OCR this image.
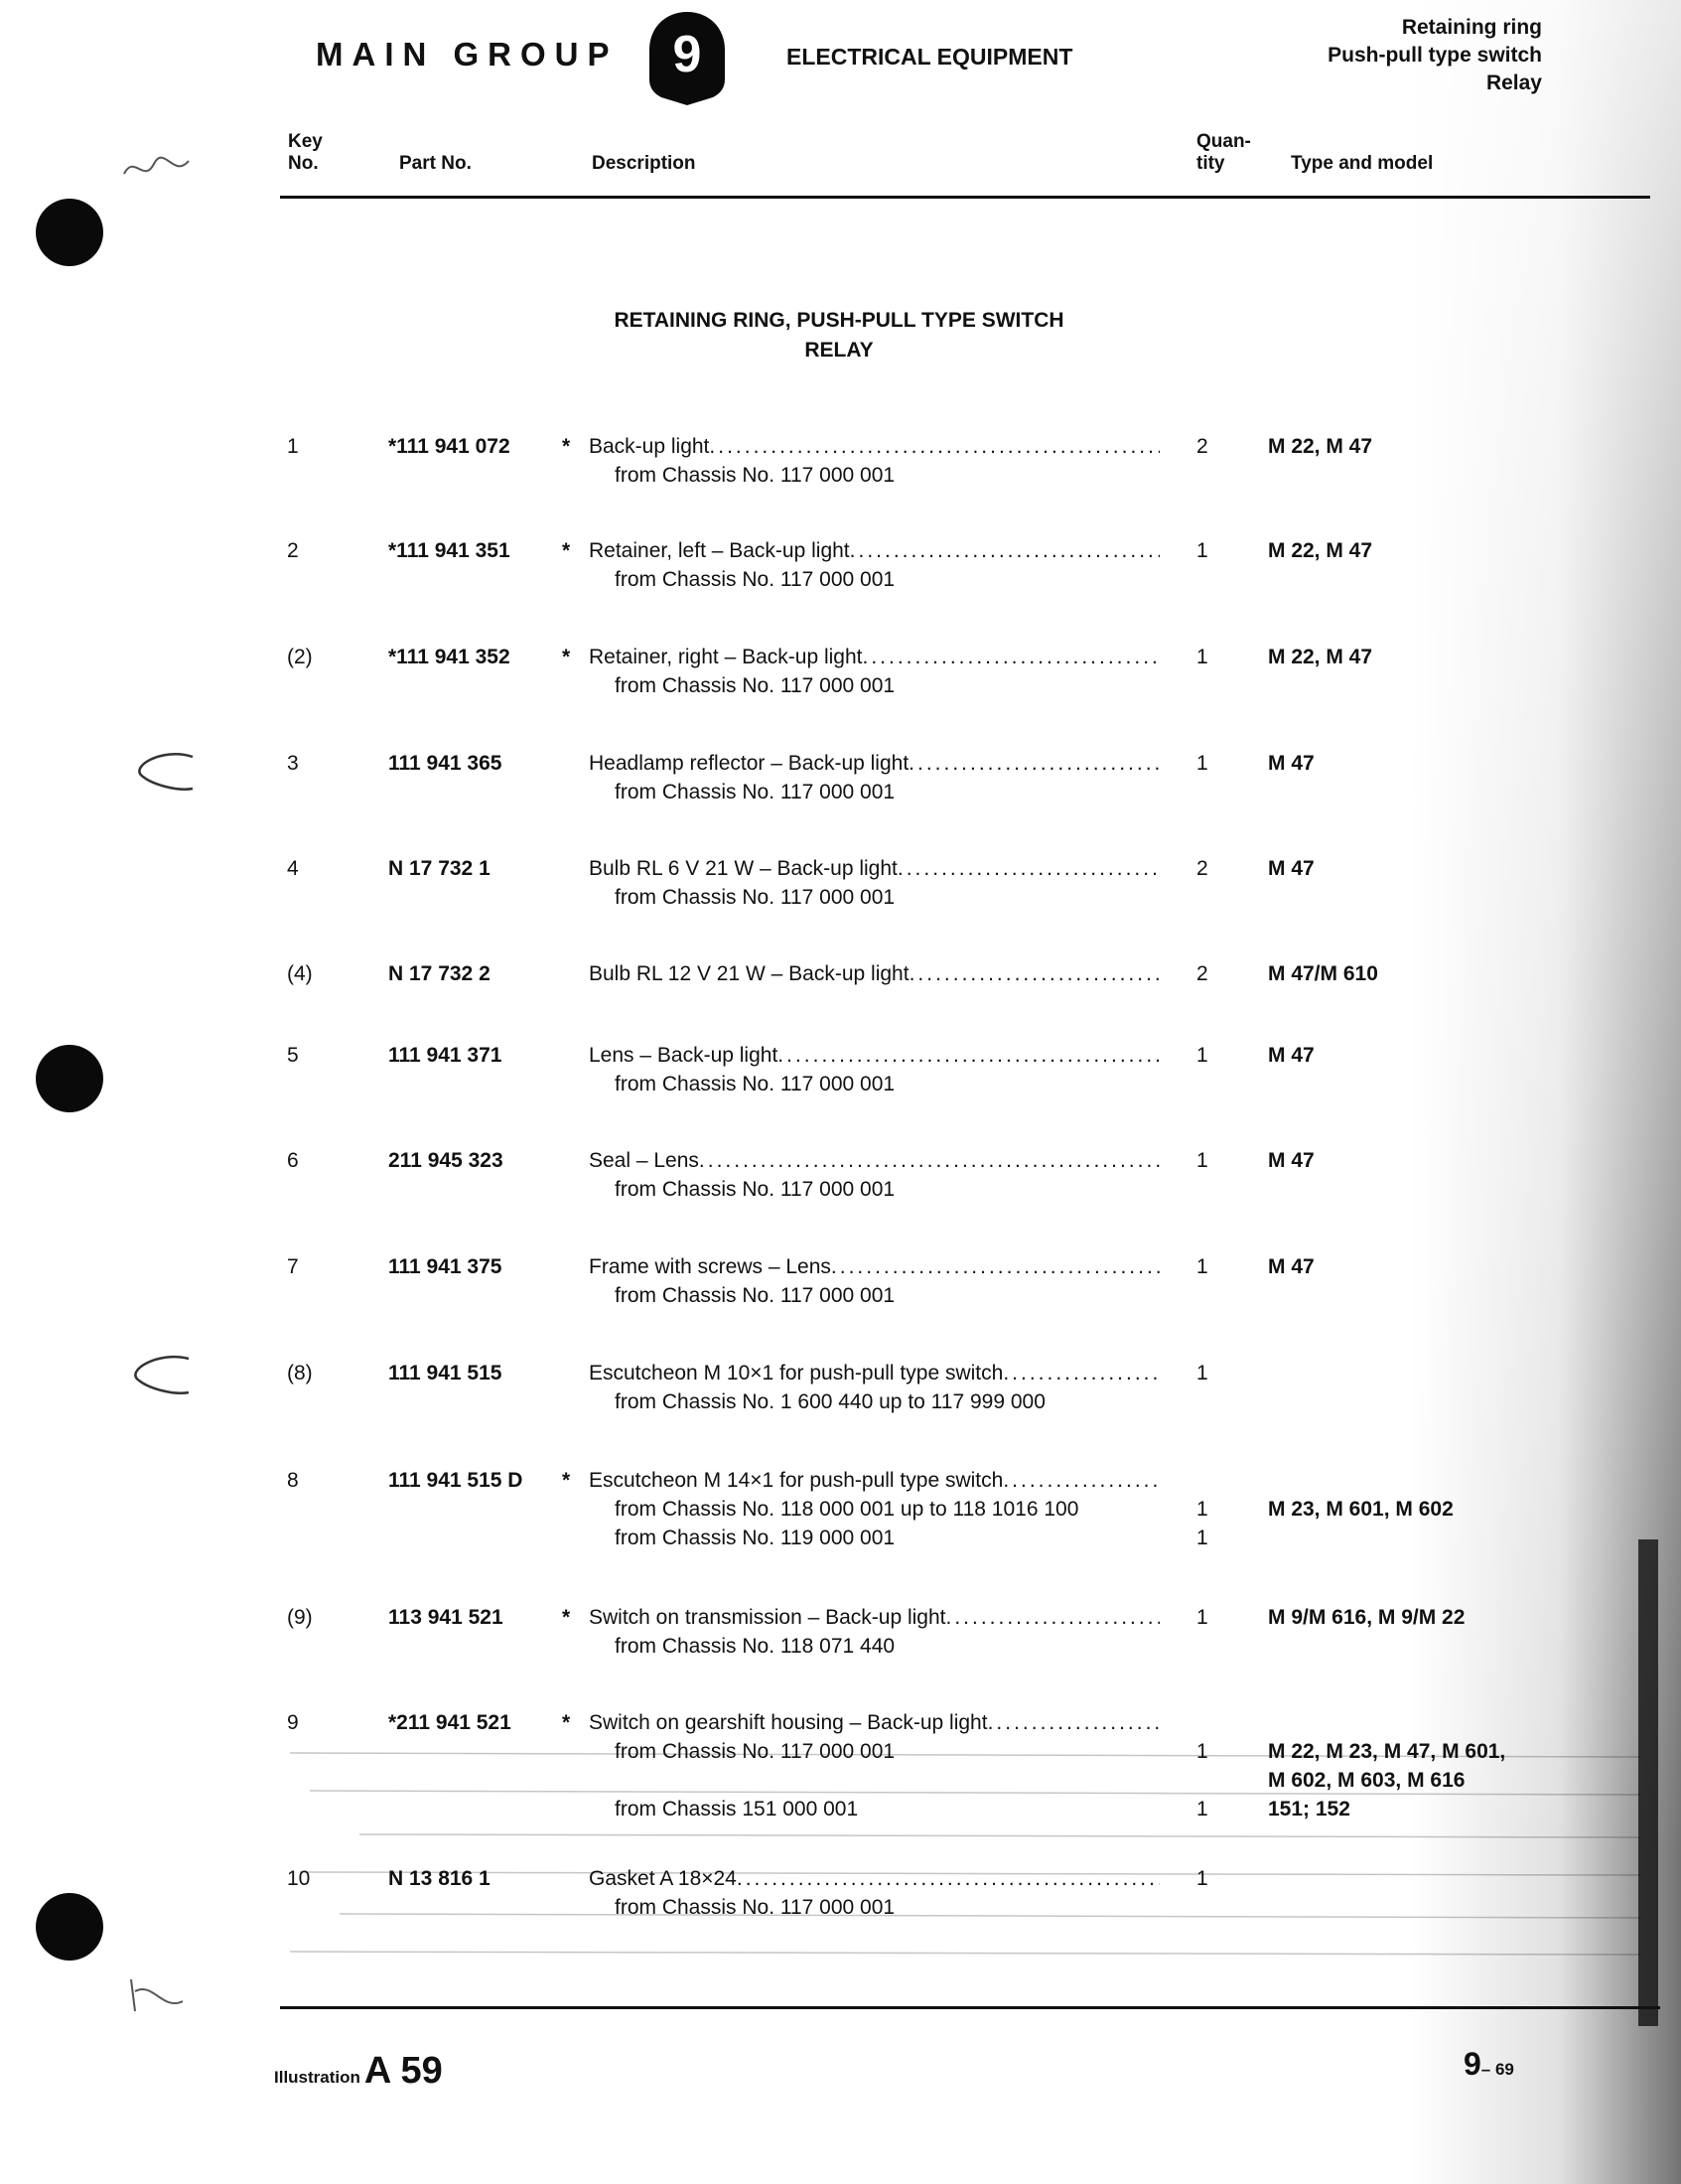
MAIN GROUP 9	ELECTRICAL EQUIPMENT
Retaining ring
Push-pull type switch
Relay
Key
No.	Part No.	Description
Quan-
tity	Type and model
RETAINING RING, PUSH-PULL TYPE SWITCH
RELAY
1	*111 941 072 * Back-up light
.....
from Chassis No. 117 000 001
2	M 22, M 47
2	*111 941 351 * Retainer, left – Back-up light
.....
from Chassis No. 117 000 001
1	M 22, M 47
(2)	*111 941 352 * Retainer, right – Back-up light
.....
from Chassis No. 117 000 001
1	M 22, M 47
3	111 941 365	Headlamp reflector – Back-up light
.....
from Chassis No. 117 000 001
1	M 47
4	N 17 732 1	Bulb RL 6 V 21 W – Back-up light
.....
from Chassis No. 117 000 001
2	M 47
(4)	N 17 732 2	Bulb RL 12 V 21 W – Back-up light
.....	2	M 47/M 610
5	111 941 371	Lens – Back-up light
.....
from Chassis No. 117 000 001
1	M 47
6	211 945 323	Seal – Lens
.....
from Chassis No. 117 000 001
1	M 47
7	111 941 375	Frame with screws – Lens
.....
from Chassis No. 117 000 001
1	M 47
(8)	111 941 515	Escutcheon M 10×1 for push-pull type switch
.....
from Chassis No. 1 600 440 up to 117 999 000
1
8	111 941 515 D * Escutcheon M 14×1 for push-pull type switch
.....
from Chassis No. 118 000 001 up to 118 1016 100
from Chassis No. 119 000 001
1
1
M 23, M 601, M 602
(9)	113 941 521	* Switch on transmission – Back-up light
.....
from Chassis No. 118 071 440
1	M 9/M 616, M 9/M 22
9	*211 941 521 * Switch on gearshift housing – Back-up light
.....
from Chassis No. 117 000 001
from Chassis 151 000 001
1
1
M 22, M 23, M 47, M 601,
M 602, M 603, M 616
151; 152
10	N 13 816 1	Gasket A 18×24
.....
from Chassis No. 117 000 001
1
Illustration A 59	9– 69
